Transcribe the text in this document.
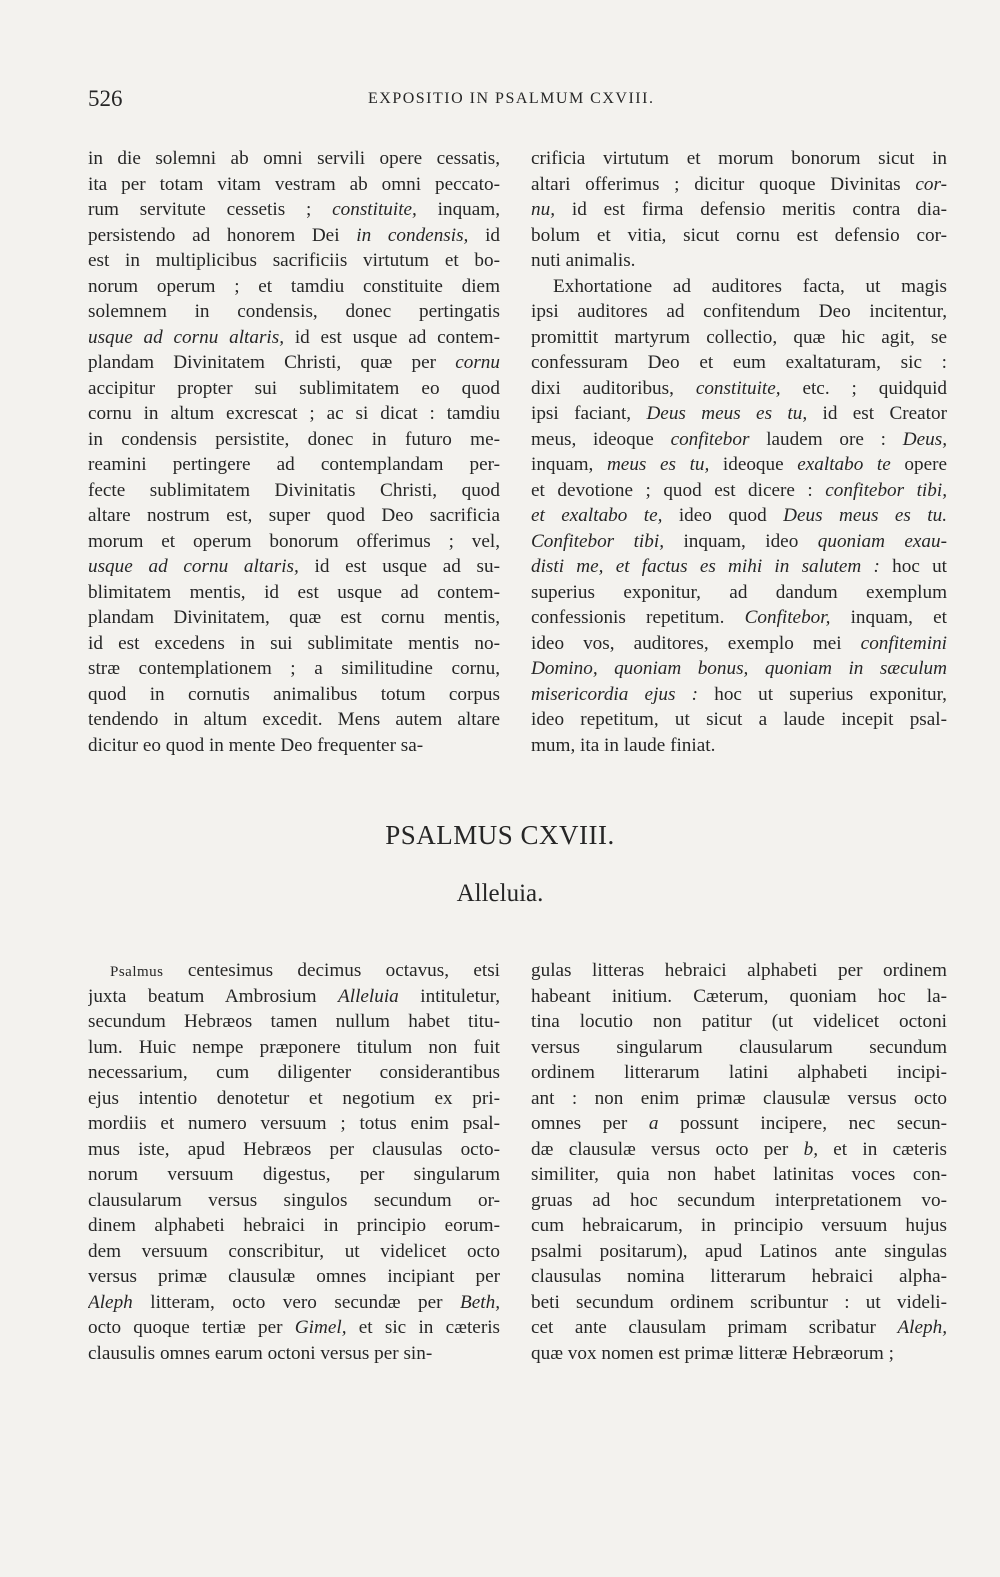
526	EXPOSITIO IN PSALMUM CXVIII.
in die solemni ab omni servili opere cessatis,
ita per totam vitam vestram ab omni peccato-
rum servitute cessetis ; constituite, inquam,
persistendo ad honorem Dei in condensis, id
est in multiplicibus sacrificiis virtutum et bo-
norum operum ; et tamdiu constituite diem
solemnem in condensis, donec pertingatis
usque ad cornu altaris, id est usque ad contem-
plandam Divinitatem Christi, quæ per cornu
accipitur propter sui sublimitatem eo quod
cornu in altum excrescat ; ac si dicat : tamdiu
in condensis persistite, donec in futuro me-
reamini pertingere ad contemplandam per-
fecte sublimitatem Divinitatis Christi, quod
altare nostrum est, super quod Deo sacrificia
morum et operum bonorum offerimus ; vel,
usque ad cornu altaris, id est usque ad su-
blimitatem mentis, id est usque ad contem-
plandam Divinitatem, quæ est cornu mentis,
id est excedens in sui sublimitate mentis no-
stræ contemplationem ; a similitudine cornu,
quod in cornutis animalibus totum corpus
tendendo in altum excedit. Mens autem altare
dicitur eo quod in mente Deo frequenter sa-
crificia virtutum et morum bonorum sicut in
altari offerimus ; dicitur quoque Divinitas cor-
nu, id est firma defensio meritis contra dia-
bolum et vitia, sicut cornu est defensio cor-
nuti animalis.
Exhortatione ad auditores facta, ut magis
ipsi auditores ad confitendum Deo incitentur,
promittit martyrum collectio, quæ hic agit, se
confessuram Deo et eum exaltaturam, sic :
dixi auditoribus, constituite, etc. ; quidquid
ipsi faciant, Deus meus es tu, id est Creator
meus, ideoque confitebor laudem ore : Deus,
inquam, meus es tu, ideoque exaltabo te opere
et devotione ; quod est dicere : confitebor tibi,
et exaltabo te, ideo quod Deus meus es tu.
Confitebor tibi, inquam, ideo quoniam exau-
disti me, et factus es mihi in salutem : hoc ut
superius exponitur, ad dandum exemplum
confessionis repetitum. Confitebor, inquam, et
ideo vos, auditores, exemplo mei confitemini
Domino, quoniam bonus, quoniam in sæculum
misericordia ejus : hoc ut superius exponitur,
ideo repetitum, ut sicut a laude incepit psal-
mum, ita in laude finiat.
PSALMUS CXVIII.
Alleluia.
Psalmus centesimus decimus octavus, etsi
juxta beatum Ambrosium Alleluia intituletur,
secundum Hebræos tamen nullum habet titu-
lum. Huic nempe præponere titulum non fuit
necessarium, cum diligenter considerantibus
ejus intentio denotetur et negotium ex pri-
mordiis et numero versuum ; totus enim psal-
mus iste, apud Hebræos per clausulas octo-
norum versuum digestus, per singularum
clausularum versus singulos secundum or-
dinem alphabeti hebraici in principio eorum-
dem versuum conscribitur, ut videlicet octo
versus primæ clausulæ omnes incipiant per
Aleph litteram, octo vero secundæ per Beth,
octo quoque tertiæ per Gimel, et sic in cæteris
clausulis omnes earum octoni versus per sin-
gulas litteras hebraici alphabeti per ordinem
habeant initium. Cæterum, quoniam hoc la-
tina locutio non patitur (ut videlicet octoni
versus singularum clausularum secundum
ordinem litterarum latini alphabeti incipi-
ant : non enim primæ clausulæ versus octo
omnes per a possunt incipere, nec secun-
dæ clausulæ versus octo per b, et in cæteris
similiter, quia non habet latinitas voces con-
gruas ad hoc secundum interpretationem vo-
cum hebraicarum, in principio versuum hujus
psalmi positarum), apud Latinos ante singulas
clausulas nomina litterarum hebraici alpha-
beti secundum ordinem scribuntur : ut videli-
cet ante clausulam primam scribatur Aleph,
quæ vox nomen est primæ litteræ Hebræorum ;
